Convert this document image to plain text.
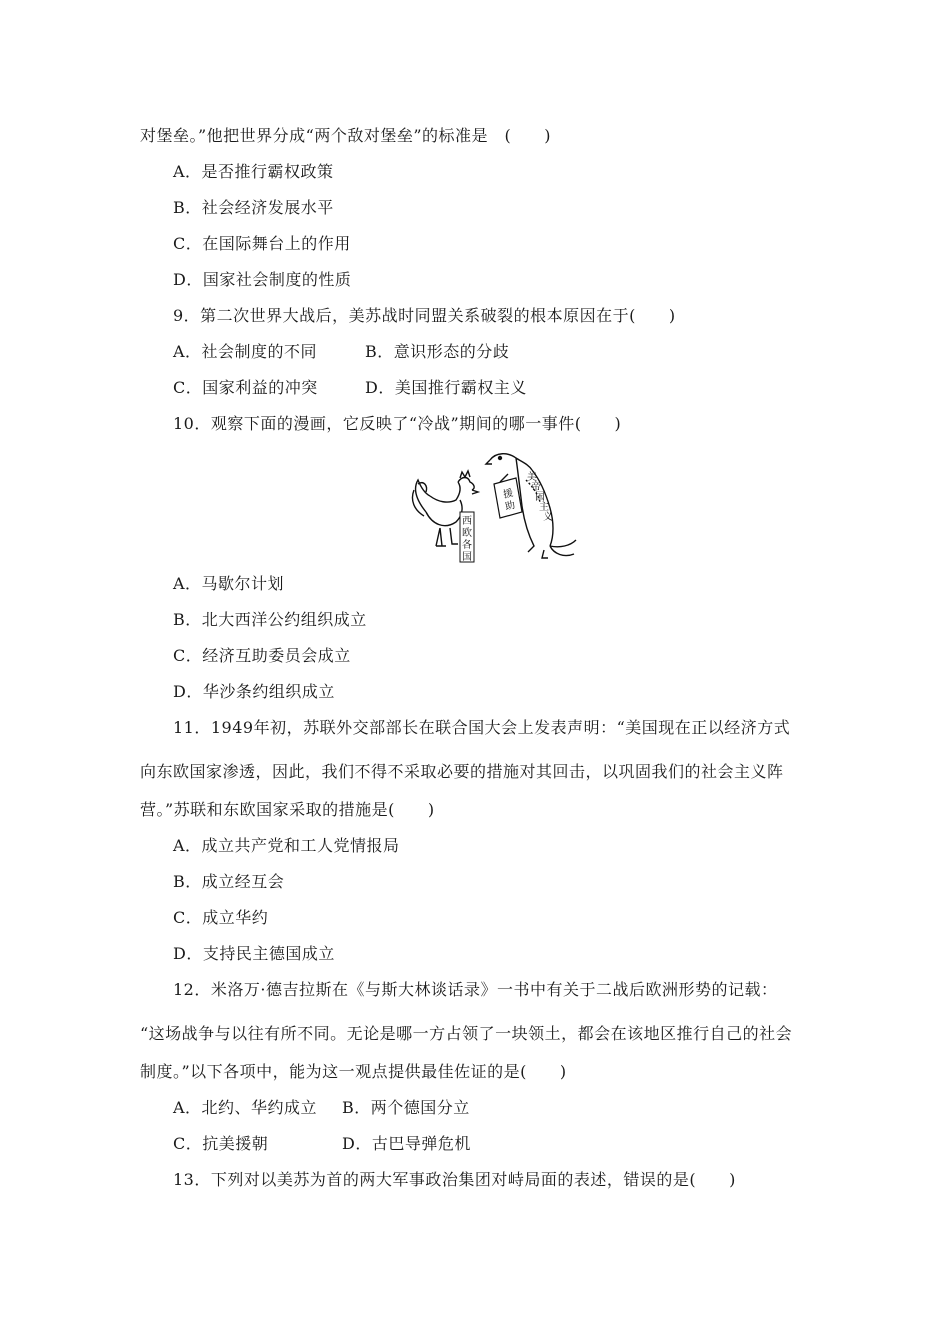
对堡垒。”他把世界分成“两个敌对堡垒”的标准是　(　　)
A．是否推行霸权政策
B．社会经济发展水平
C．在国际舞台上的作用
D．国家社会制度的性质
9．第二次世界大战后，美苏战时同盟关系破裂的根本原因在于(　　)
A．社会制度的不同	B．意识形态的分歧
C．国家利益的冲突	D．美国推行霸权主义
10．观察下面的漫画，它反映了“冷战”期间的哪一事件(　　)
西
欧
各
国
援
助
美
帝
国
主
义
A．马歇尔计划
B．北大西洋公约组织成立
C．经济互助委员会成立
D．华沙条约组织成立
11．1949年初，苏联外交部部长在联合国大会上发表声明：“美国现在正以经济方式
向东欧国家渗透，因此，我们不得不采取必要的措施对其回击，以巩固我们的社会主义阵
营。”苏联和东欧国家采取的措施是(　　)
A．成立共产党和工人党情报局
B．成立经互会
C．成立华约
D．支持民主德国成立
12．米洛万·德吉拉斯在《与斯大林谈话录》一书中有关于二战后欧洲形势的记载：
“这场战争与以往有所不同。无论是哪一方占领了一块领土，都会在该地区推行自己的社会
制度。”以下各项中，能为这一观点提供最佳佐证的是(　　)
A．北约、华约成立 B．两个德国分立
C．抗美援朝	D．古巴导弹危机
13．下列对以美苏为首的两大军事政治集团对峙局面的表述，错误的是(　　)
